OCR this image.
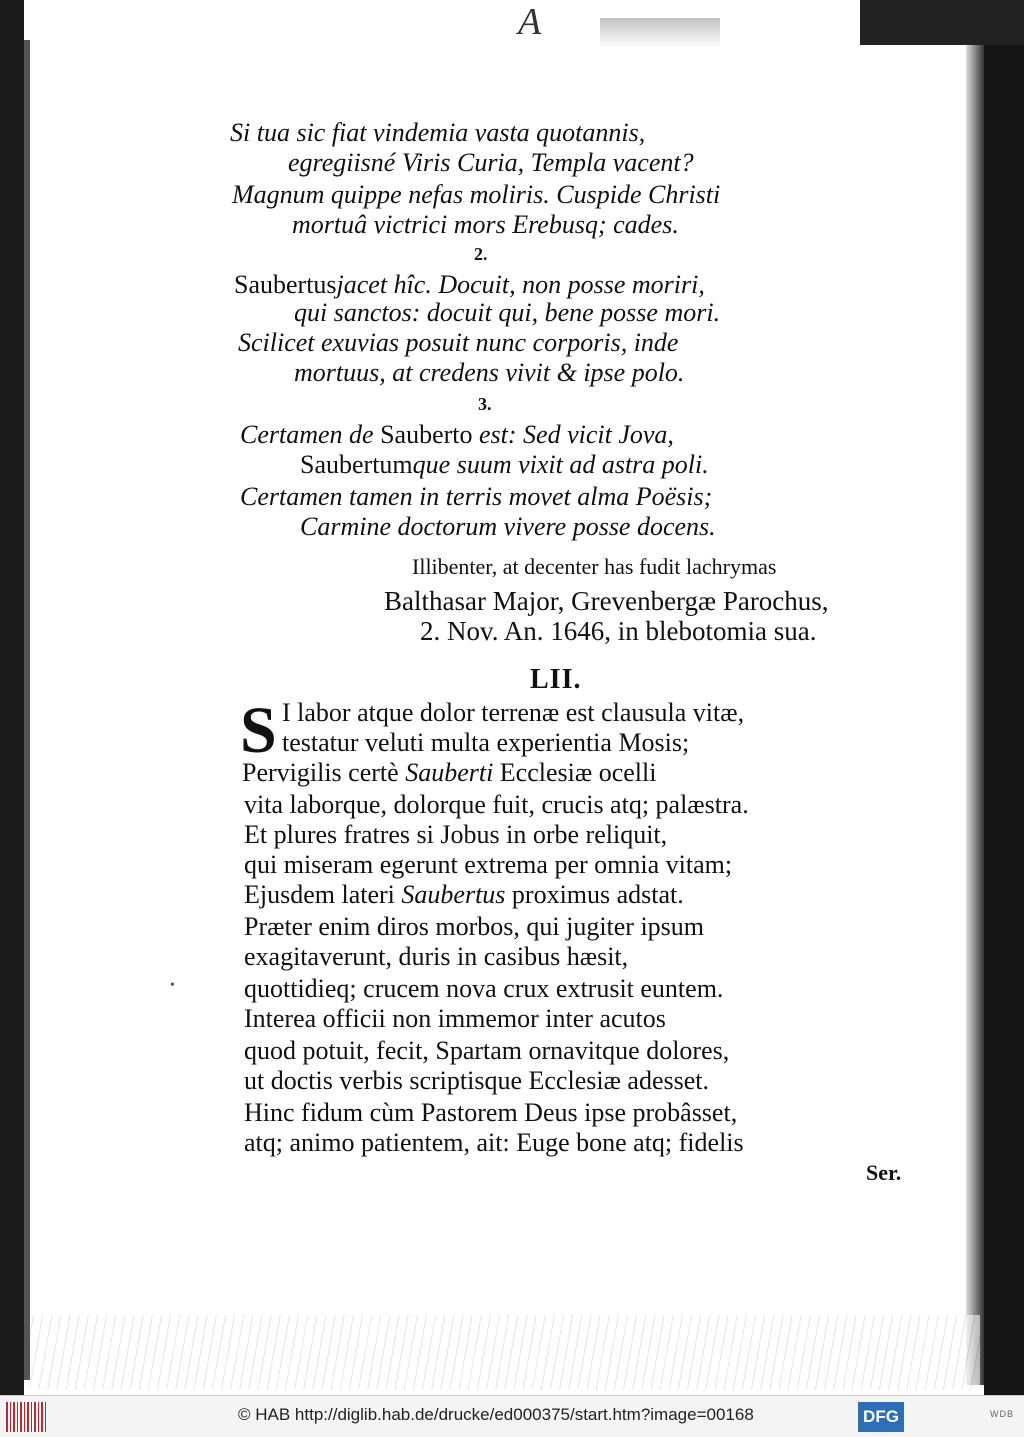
A
•
Si tua sic fiat vindemia vasta quotannis,
egregiisné Viris Curia, Templa vacent?
Magnum quippe nefas moliris. Cuspide Christi
mortuâ victrici mors Erebusq; cades.
2.
Saubertusjacet hîc. Docuit, non posse moriri,
qui sanctos: docuit qui, bene posse mori.
Scilicet exuvias posuit nunc corporis, inde
mortuus, at credens vivit & ipse polo.
3.
Certamen de Sauberto est: Sed vicit Jova,
Saubertumque suum vixit ad astra poli.
Certamen tamen in terris movet alma Poësis;
Carmine doctorum vivere posse docens.
Illibenter, at decenter has fudit lachrymas
Balthasar Major, Grevenbergæ Parochus,
2. Nov. An. 1646, in blebotomia sua.
LII.
S I labor atque dolor terrenæ est clausula vitæ,
testatur veluti multa experientia Mosis;
Pervigilis certè Sauberti Ecclesiæ ocelli
vita laborque, dolorque fuit, crucis atq; palæstra.
Et plures fratres si Jobus in orbe reliquit,
qui miseram egerunt extrema per omnia vitam;
Ejusdem lateri Saubertus proximus adstat.
Præter enim diros morbos, qui jugiter ipsum
exagitaverunt, duris in casibus hæsit,
quottidieq; crucem nova crux extrusit euntem.
Interea officii non immemor inter acutos
quod potuit, fecit, Spartam ornavitque dolores,
ut doctis verbis scriptisque Ecclesiæ adesset.
Hinc fidum cùm Pastorem Deus ipse probâsset,
atq; animo patientem, ait: Euge bone atq; fidelis
Ser.
© HAB http://diglib.hab.de/drucke/ed000375/start.htm?image=00168	DFG	WDB
